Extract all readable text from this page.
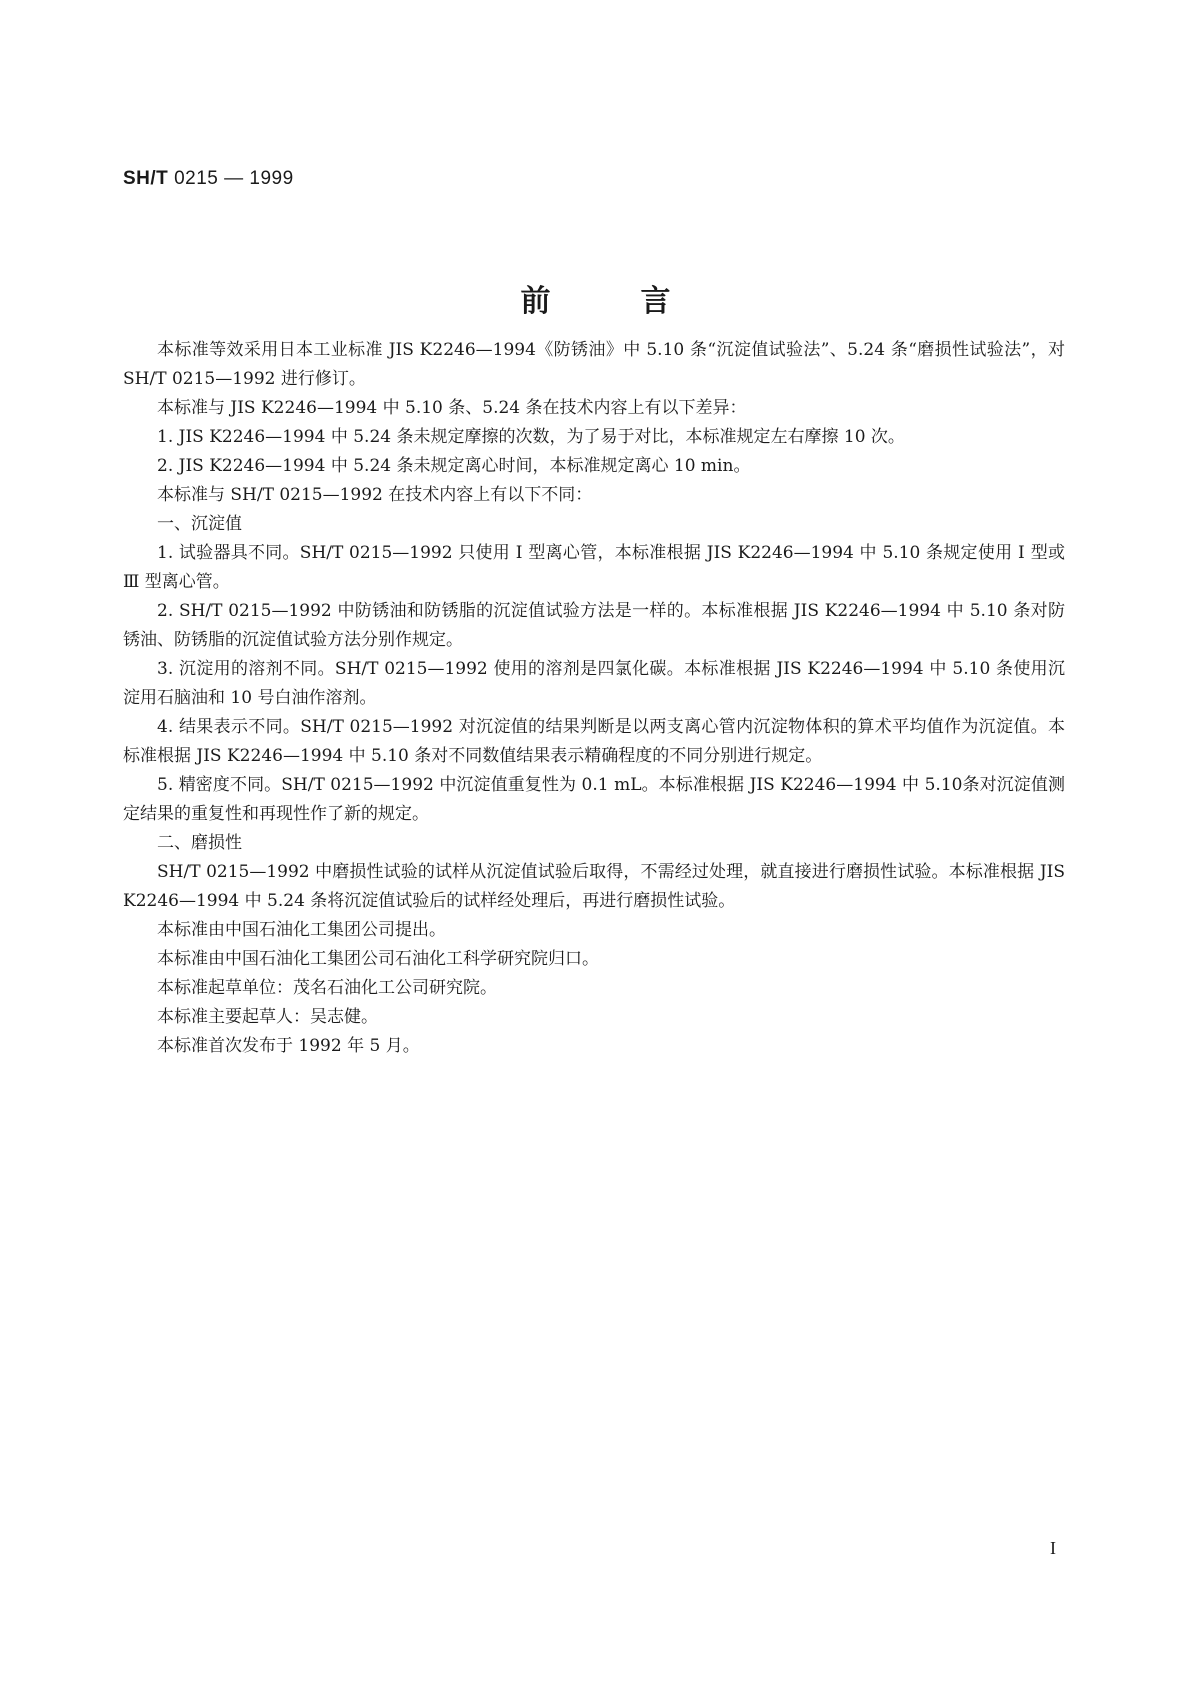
SH/T 0215 — 1999
前言

本标准等效采用日本工业标准 JIS K2246—1994《防锈油》中 5.10 条“沉淀值试验法”、5.24 条“磨损性试验法”，对 SH/T 0215—1992 进行修订。

本标准与 JIS K2246—1994 中 5.10 条、5.24 条在技术内容上有以下差异：

1. JIS K2246—1994 中 5.24 条未规定摩擦的次数，为了易于对比，本标准规定左右摩擦 10 次。

2. JIS K2246—1994 中 5.24 条未规定离心时间，本标准规定离心 10 min。

本标准与 SH/T 0215—1992 在技术内容上有以下不同：

一、沉淀值

1. 试验器具不同。SH/T 0215—1992 只使用 Ⅰ 型离心管，本标准根据 JIS K2246—1994 中 5.10 条规定使用 Ⅰ 型或 Ⅲ 型离心管。

2. SH/T 0215—1992 中防锈油和防锈脂的沉淀值试验方法是一样的。本标准根据 JIS K2246—1994 中 5.10 条对防锈油、防锈脂的沉淀值试验方法分别作规定。

3. 沉淀用的溶剂不同。SH/T 0215—1992 使用的溶剂是四氯化碳。本标准根据 JIS K2246—1994 中 5.10 条使用沉淀用石脑油和 10 号白油作溶剂。

4. 结果表示不同。SH/T 0215—1992 对沉淀值的结果判断是以两支离心管内沉淀物体积的算术平均值作为沉淀值。本标准根据 JIS K2246—1994 中 5.10 条对不同数值结果表示精确程度的不同分别进行规定。

5. 精密度不同。SH/T 0215—1992 中沉淀值重复性为 0.1 mL。本标准根据 JIS K2246—1994 中 5.10条对沉淀值测定结果的重复性和再现性作了新的规定。

二、磨损性

SH/T 0215—1992 中磨损性试验的试样从沉淀值试验后取得，不需经过处理，就直接进行磨损性试验。本标准根据 JIS K2246—1994 中 5.24 条将沉淀值试验后的试样经处理后，再进行磨损性试验。

本标准由中国石油化工集团公司提出。

本标准由中国石油化工集团公司石油化工科学研究院归口。

本标准起草单位：茂名石油化工公司研究院。

本标准主要起草人：吴志健。

本标准首次发布于 1992 年 5 月。

I
